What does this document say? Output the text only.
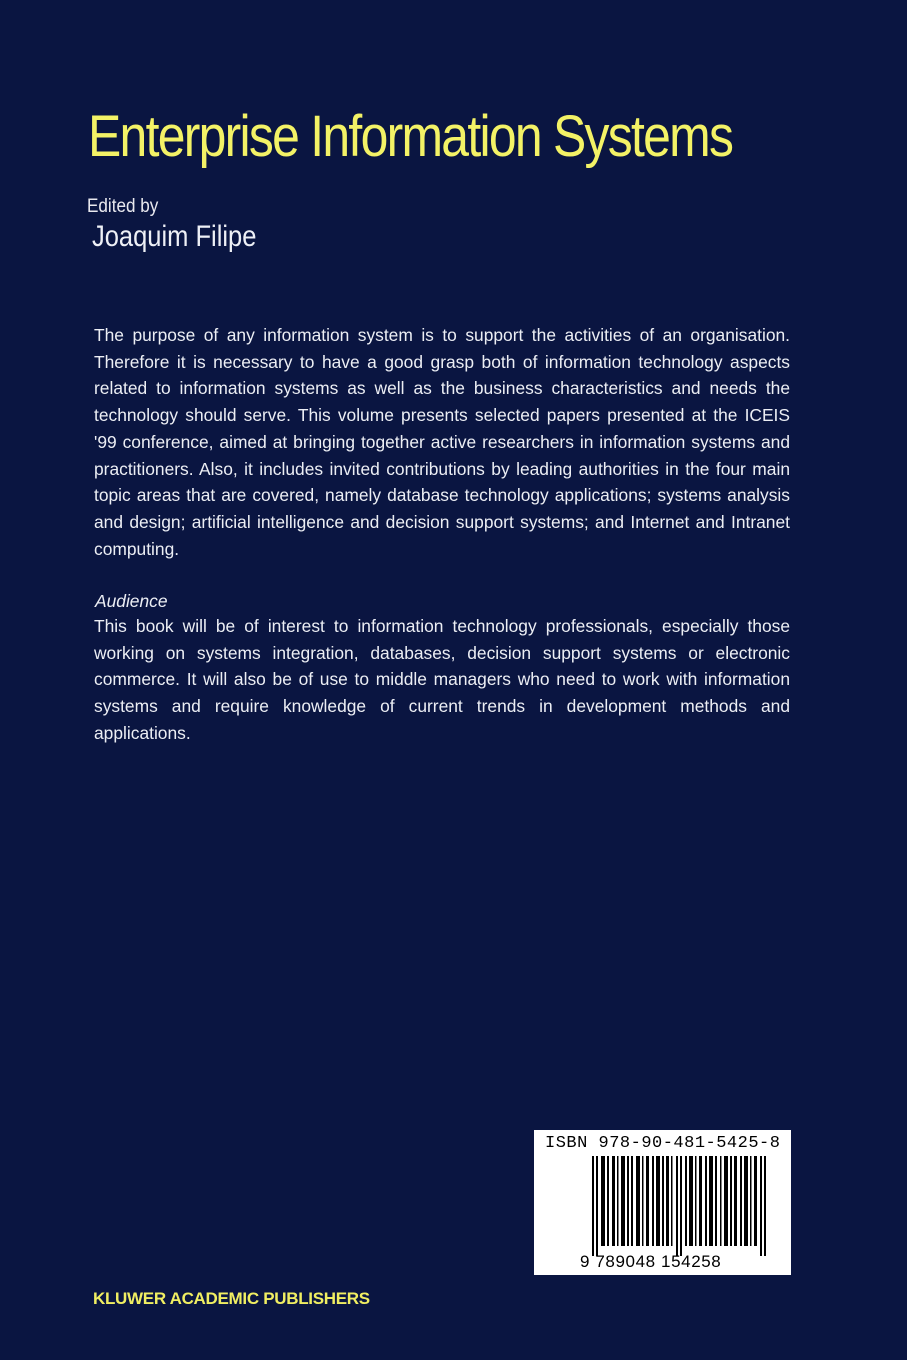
Enterprise Information Systems
Edited by
Joaquim Filipe

The purpose of any information system is to support the activities of an organisation. Therefore it is necessary to have a good grasp both of information technology aspects related to information systems as well as the business characteristics and needs the technology should serve. This volume presents selected papers presented at the ICEIS '99 conference, aimed at bringing together active researchers in information systems and practitioners. Also, it includes invited contributions by leading authorities in the four main topic areas that are covered, namely database technology applications; systems analysis and design; artificial intelligence and decision support systems; and Internet and Intranet computing.

Audience

This book will be of interest to information technology professionals, especially those working on systems integration, databases, decision support systems or electronic commerce. It will also be of use to middle managers who need to work with information systems and require knowledge of current trends in development methods and applications.

ISBN 978-90-481-5425-8
9 789048 154258
KLUWER ACADEMIC PUBLISHERS
